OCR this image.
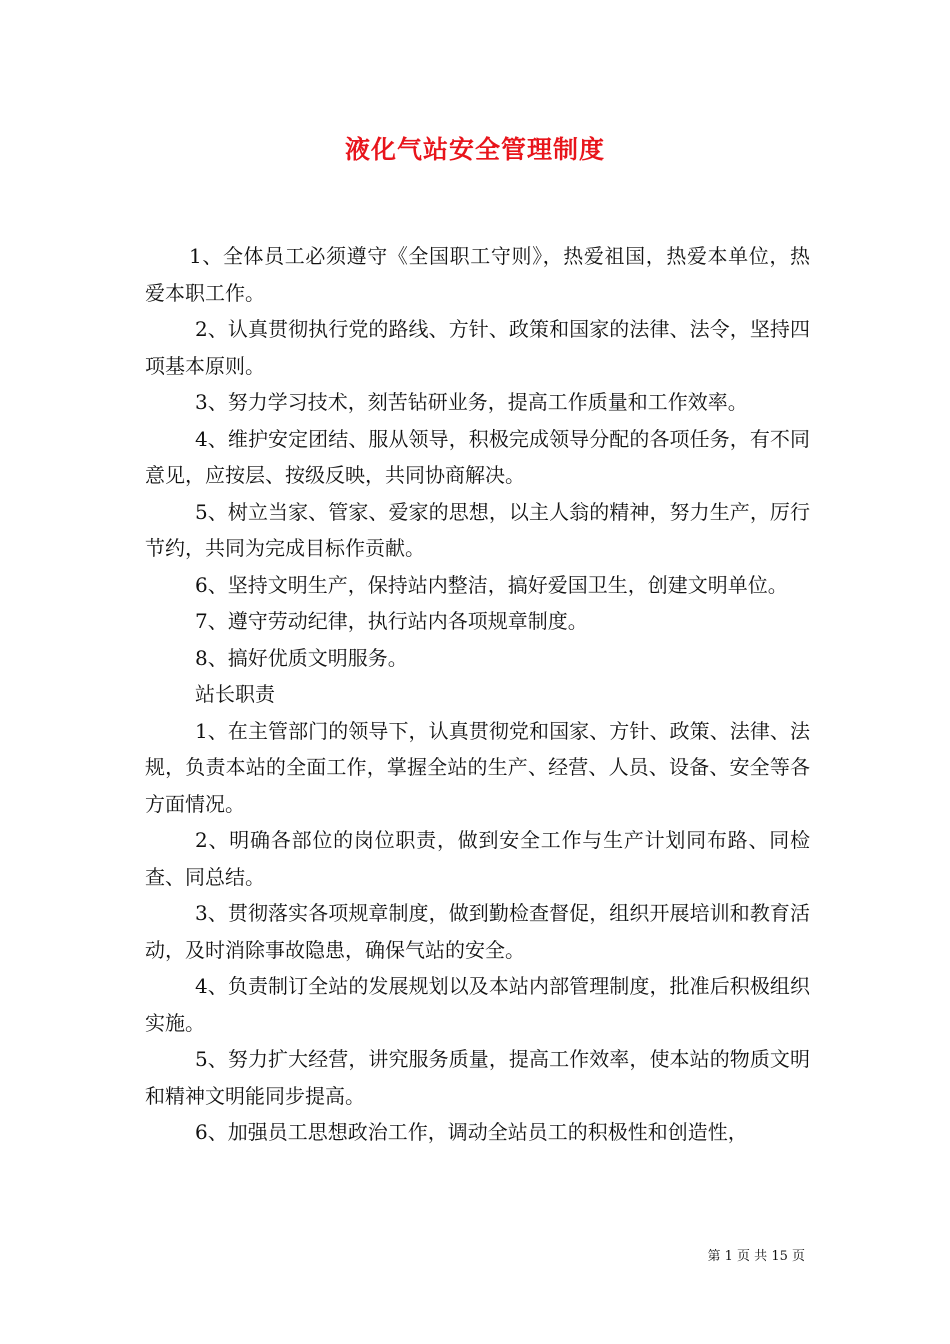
液化气站安全管理制度

1、全体员工必须遵守《全国职工守则》，热爱祖国，热爱本单位，热爱本职工作。

2、认真贯彻执行党的路线、方针、政策和国家的法律、法令，坚持四项基本原则。

3、努力学习技术，刻苦钻研业务，提高工作质量和工作效率。

4、维护安定团结、服从领导，积极完成领导分配的各项任务，有不同意见，应按层、按级反映，共同协商解决。

5、树立当家、管家、爱家的思想，以主人翁的精神，努力生产，厉行节约，共同为完成目标作贡献。

6、坚持文明生产，保持站内整洁，搞好爱国卫生，创建文明单位。

7、遵守劳动纪律，执行站内各项规章制度。

8、搞好优质文明服务。

站长职责

1、在主管部门的领导下，认真贯彻党和国家、方针、政策、法律、法规，负责本站的全面工作，掌握全站的生产、经营、人员、设备、安全等各方面情况。

2、明确各部位的岗位职责，做到安全工作与生产计划同布路、同检查、同总结。

3、贯彻落实各项规章制度，做到勤检查督促，组织开展培训和教育活动，及时消除事故隐患，确保气站的安全。

4、负责制订全站的发展规划以及本站内部管理制度，批准后积极组织实施。

5、努力扩大经营，讲究服务质量，提高工作效率，使本站的物质文明和精神文明能同步提高。

6、加强员工思想政治工作，调动全站员工的积极性和创造性，

第 1 页 共 15 页
